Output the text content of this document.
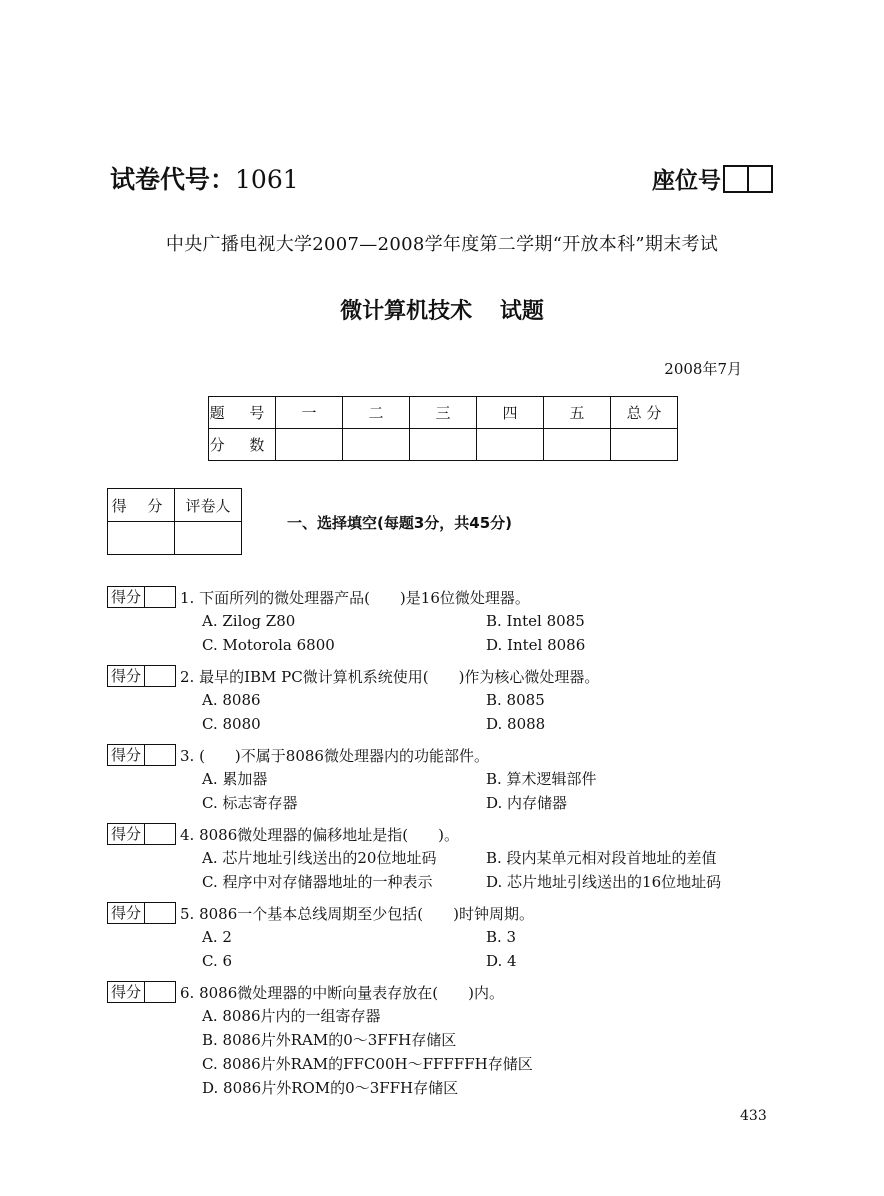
试卷代号：1061	座位号
中央广播电视大学2007—2008学年度第二学期“开放本科”期末考试
微计算机技术 试题
2008年7月
题 号	一	二	三	四	五	总 分
分 数						
得 分	评卷人

一、选择填空(每题3分，共45分)
得分	1. 下面所列的微处理器产品(　　)是16位微处理器。
A. Zilog Z80	B. Intel 8085
C. Motorola 6800	D. Intel 8086
得分	2. 最早的IBM PC微计算机系统使用(　　)作为核心微处理器。
A. 8086	B. 8085
C. 8080	D. 8088
得分	3. (　　)不属于8086微处理器内的功能部件。
A. 累加器	B. 算术逻辑部件
C. 标志寄存器	D. 内存储器
得分	4. 8086微处理器的偏移地址是指(　　)。
A. 芯片地址引线送出的20位地址码	B. 段内某单元相对段首地址的差值
C. 程序中对存储器地址的一种表示	D. 芯片地址引线送出的16位地址码
得分	5. 8086一个基本总线周期至少包括(　　)时钟周期。
A. 2	B. 3
C. 6	D. 4
得分	6. 8086微处理器的中断向量表存放在(　　)内。
A. 8086片内的一组寄存器
B. 8086片外RAM的0～3FFH存储区
C. 8086片外RAM的FFC00H～FFFFFH存储区
D. 8086片外ROM的0～3FFH存储区
433
